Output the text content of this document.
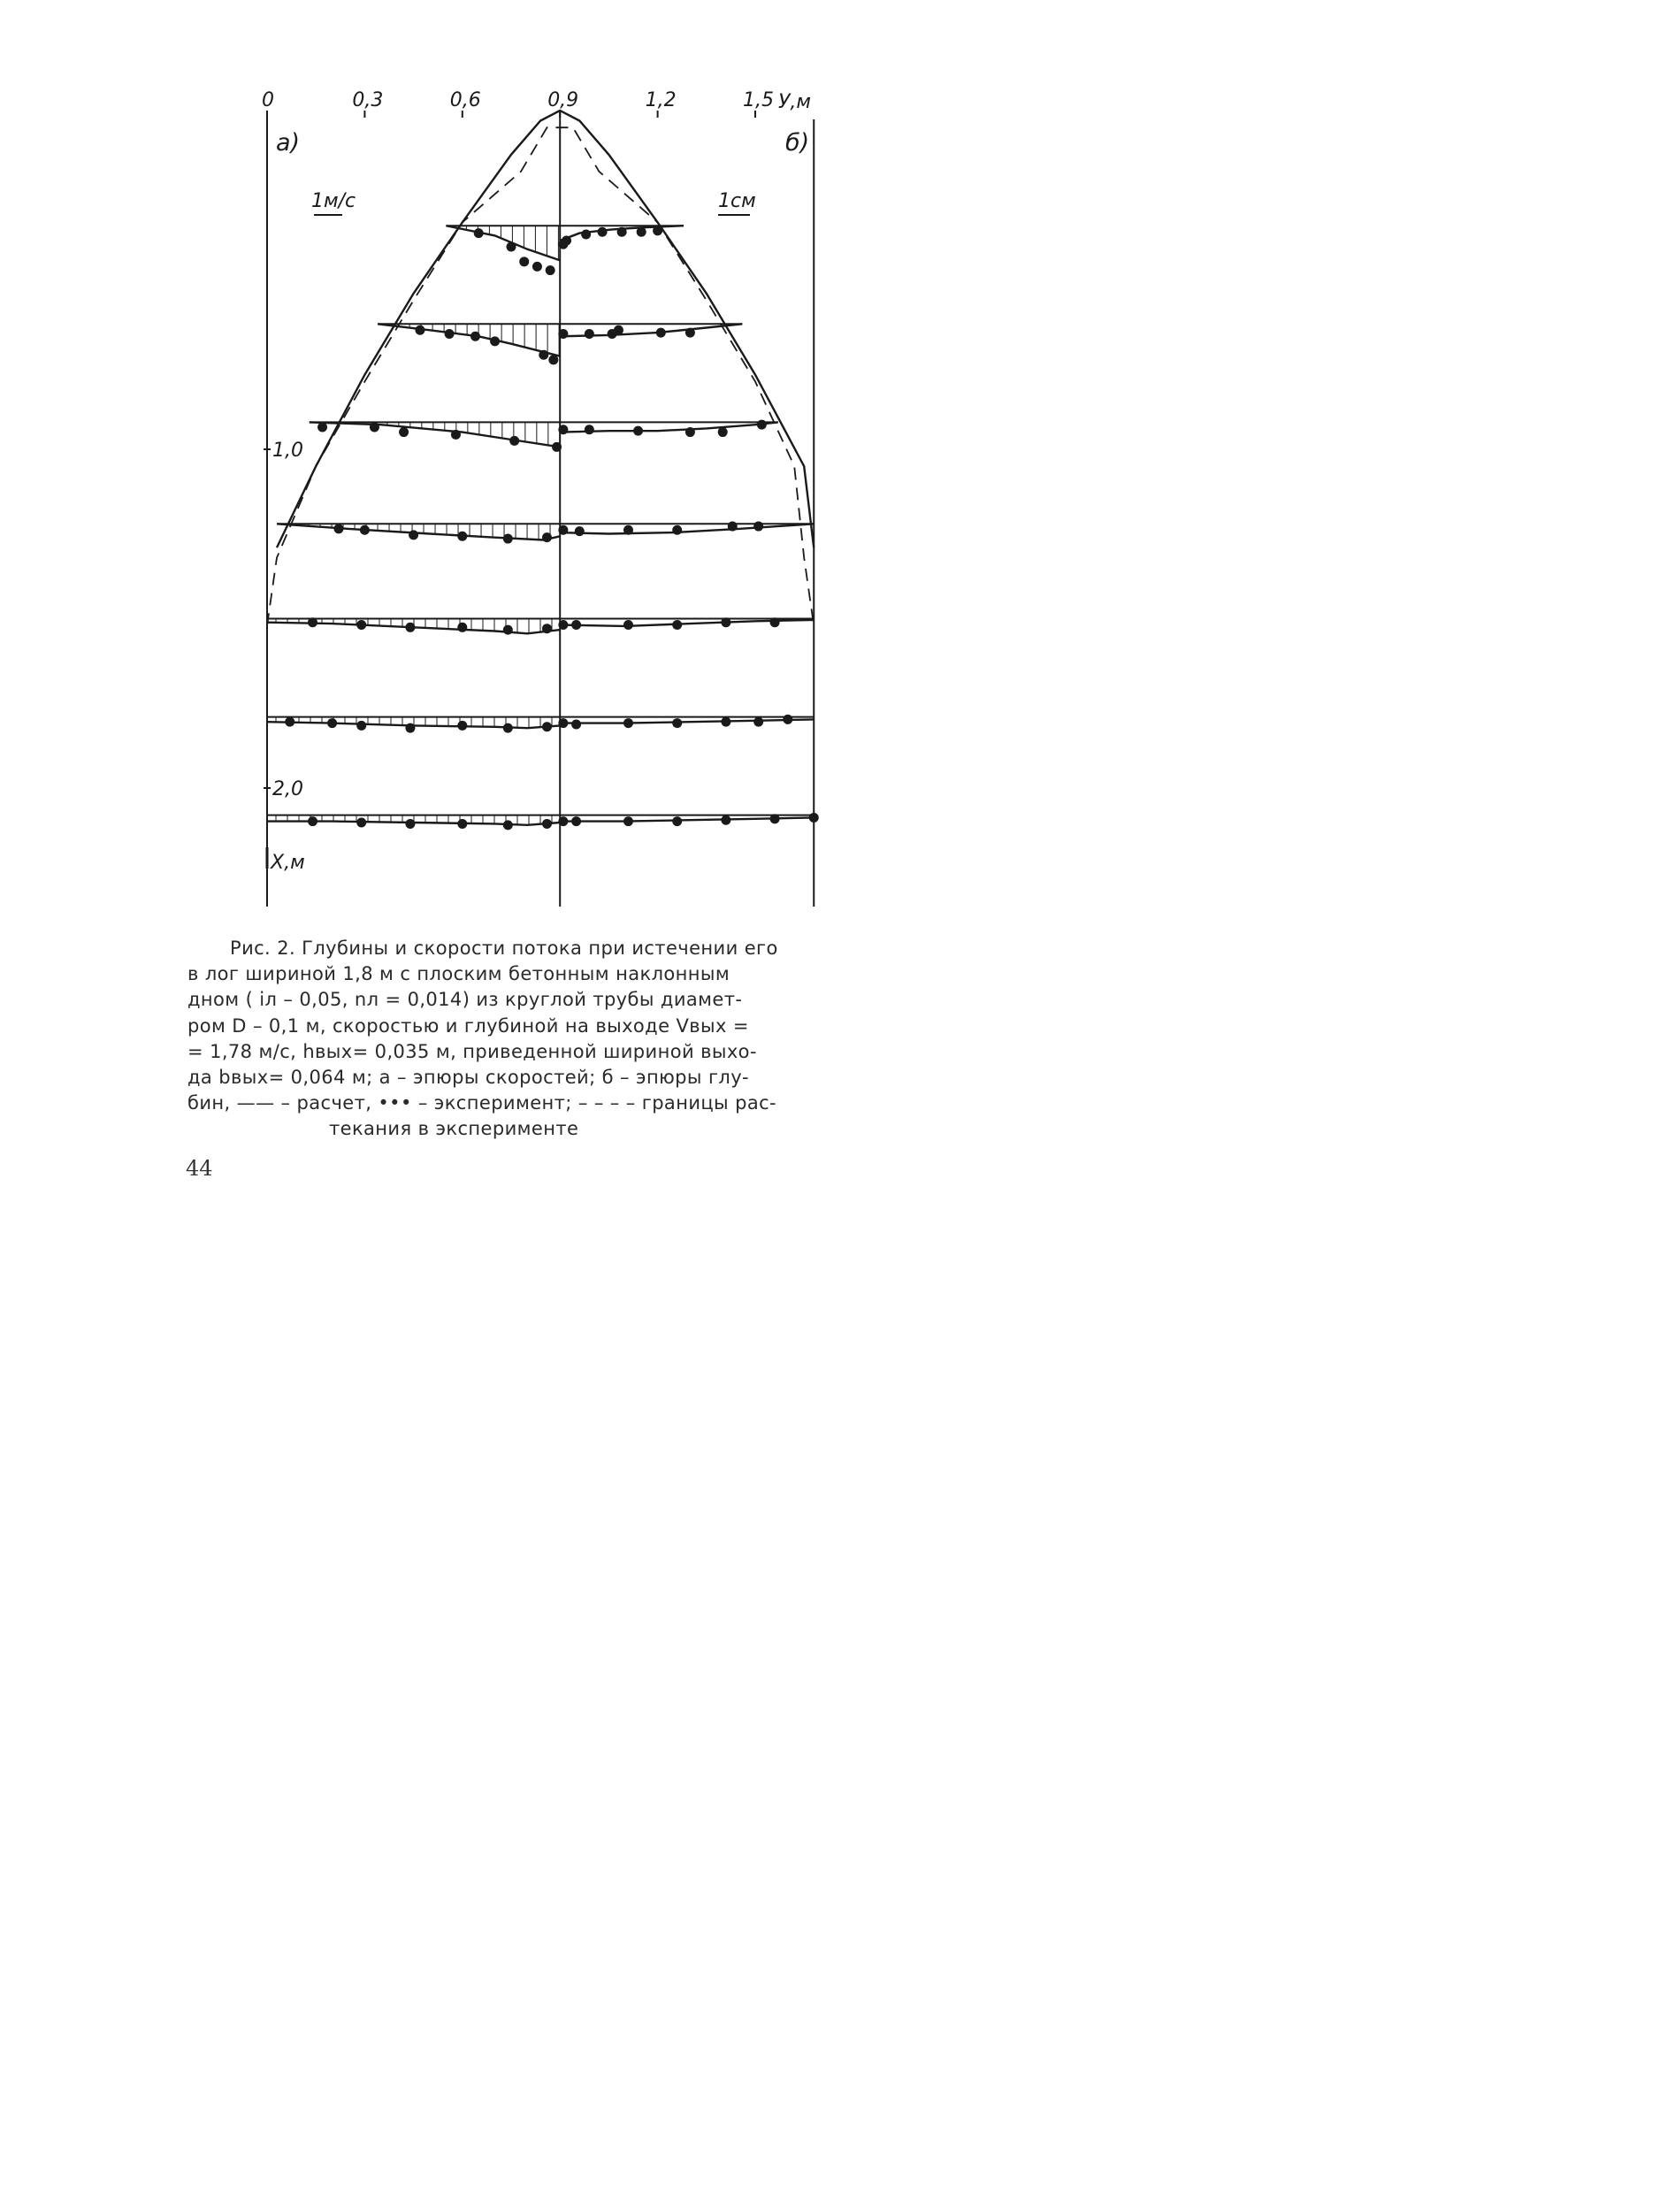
0	0,3	0,6	0,9	1,2	1,5
1,0
2,0
а)	б)
1м/с	1см
У,м
Х,м

Рис. 2. Глубины и скорости потока при истечении его
в лог шириной 1,8 м с плоским бетонным наклонным
дном ( iл – 0,05, nл = 0,014) из круглой трубы диамет-
ром D – 0,1 м, скоростью и глубиной на выходе Vвых =
= 1,78 м/с, hвых= 0,035 м, приведенной шириной выхо-
да bвых= 0,064 м; а – эпюры скоростей; б – эпюры глу-
бин, —— – расчет, ••• – эксперимент; – – – – границы рас-
текания в эксперименте

44
